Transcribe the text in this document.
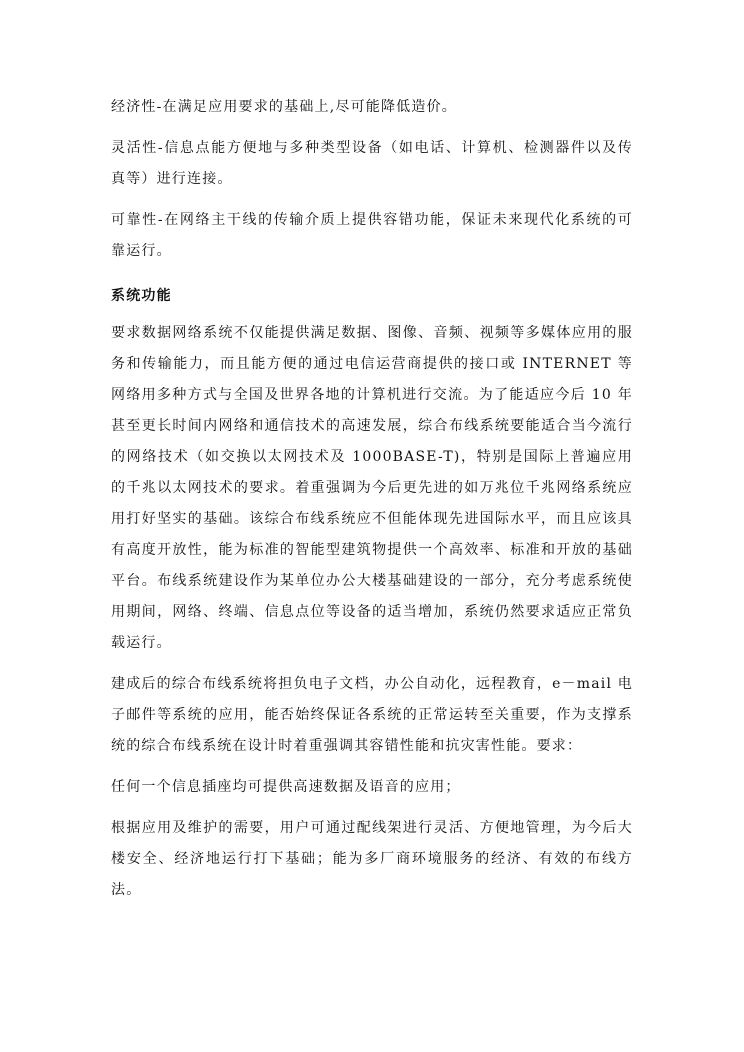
经济性-在满足应用要求的基础上,尽可能降低造价。

灵活性-信息点能方便地与多种类型设备（如电话、计算机、检测器件以及传真等）进行连接。

可靠性-在网络主干线的传输介质上提供容错功能，保证未来现代化系统的可靠运行。

系统功能

要求数据网络系统不仅能提供满足数据、图像、音频、视频等多媒体应用的服务和传输能力，而且能方便的通过电信运营商提供的接口或 INTERNET 等网络用多种方式与全国及世界各地的计算机进行交流。为了能适应今后 10 年甚至更长时间内网络和通信技术的高速发展，综合布线系统要能适合当今流行的网络技术（如交换以太网技术及 1000BASE-T)，特别是国际上普遍应用的千兆以太网技术的要求。着重强调为今后更先进的如万兆位千兆网络系统应用打好坚实的基础。该综合布线系统应不但能体现先进国际水平，而且应该具有高度开放性，能为标准的智能型建筑物提供一个高效率、标准和开放的基础平台。布线系统建设作为某单位办公大楼基础建设的一部分，充分考虑系统使用期间，网络、终端、信息点位等设备的适当增加，系统仍然要求适应正常负载运行。

建成后的综合布线系统将担负电子文档，办公自动化，远程教育，e－mail 电子邮件等系统的应用，能否始终保证各系统的正常运转至关重要，作为支撑系统的综合布线系统在设计时着重强调其容错性能和抗灾害性能。要求：

任何一个信息插座均可提供高速数据及语音的应用；

根据应用及维护的需要，用户可通过配线架进行灵活、方便地管理，为今后大楼安全、经济地运行打下基础；能为多厂商环境服务的经济、有效的布线方法。
